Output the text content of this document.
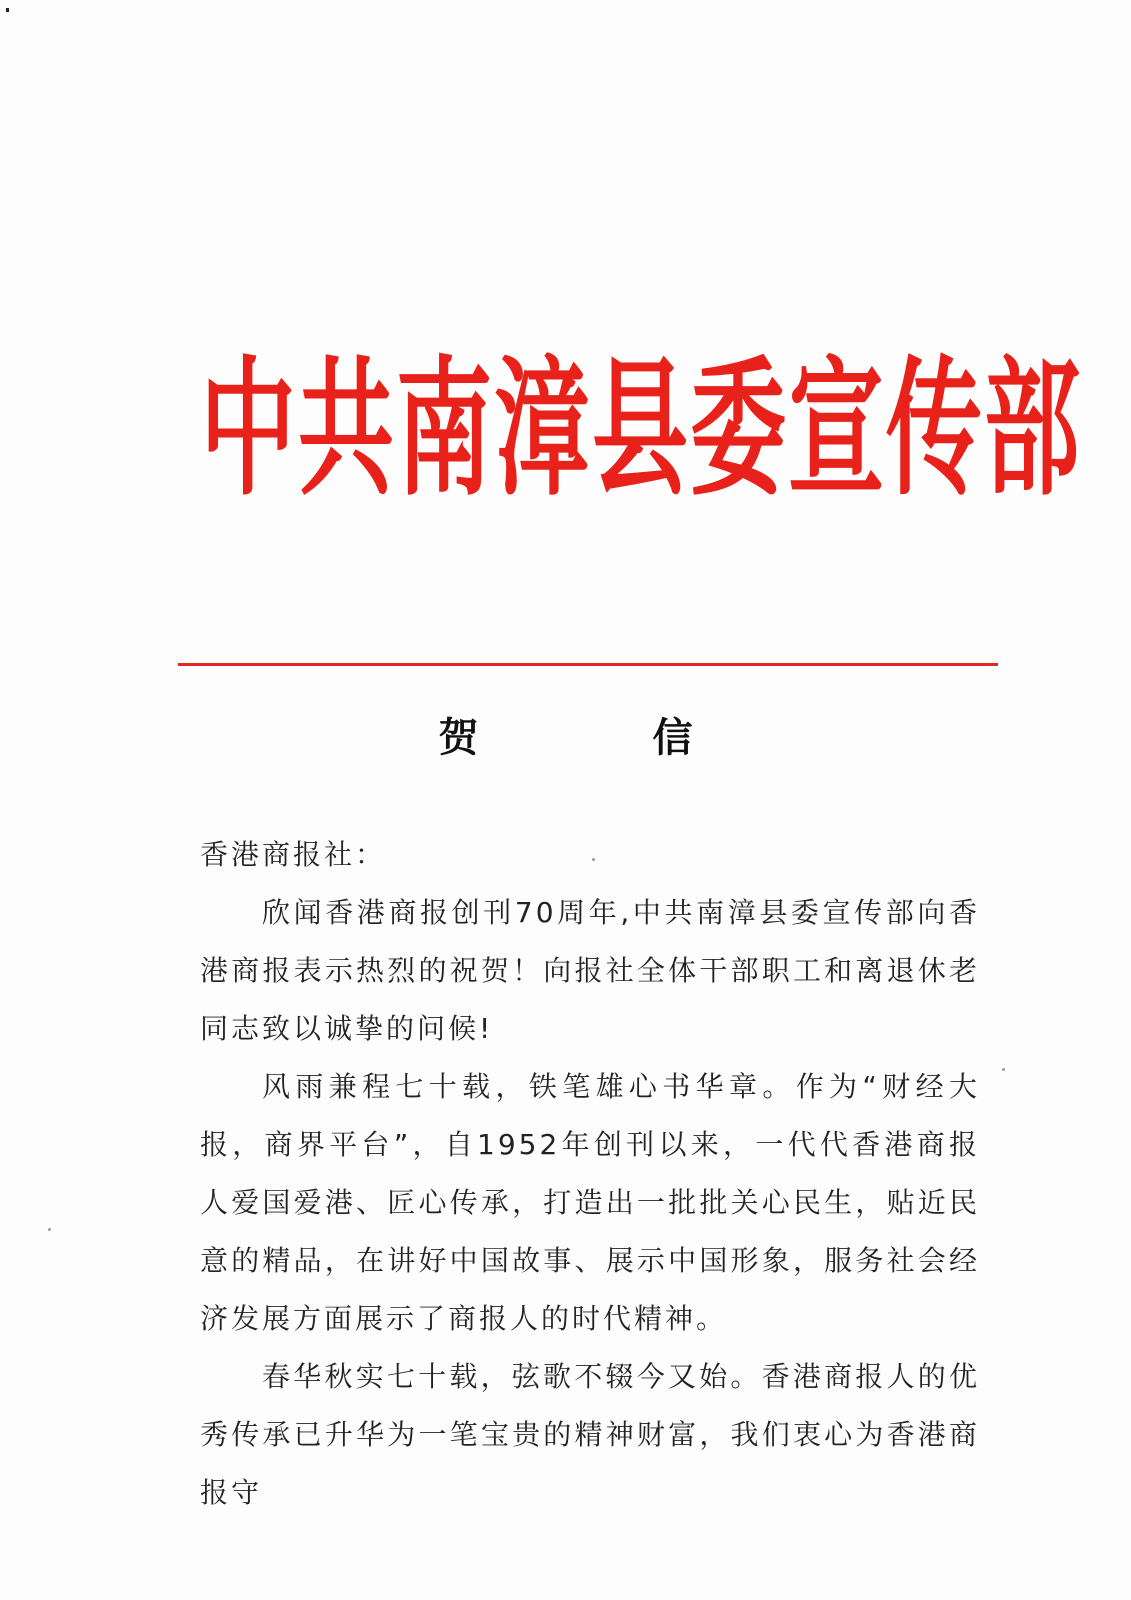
中共南漳县委宣传部
贺 信

香港商报社：

欣闻香港商报创刊70周年,中共南漳县委宣传部向香港商报表示热烈的祝贺！向报社全体干部职工和离退休老同志致以诚挚的问候!

风雨兼程七十载，铁笔雄心书华章。作为“财经大报，商界平台”，自1952年创刊以来，一代代香港商报人爱国爱港、匠心传承，打造出一批批关心民生，贴近民意的精品，在讲好中国故事、展示中国形象，服务社会经济发展方面展示了商报人的时代精神。

春华秋实七十载，弦歌不辍今又始。香港商报人的优秀传承已升华为一笔宝贵的精神财富，我们衷心为香港商报守
